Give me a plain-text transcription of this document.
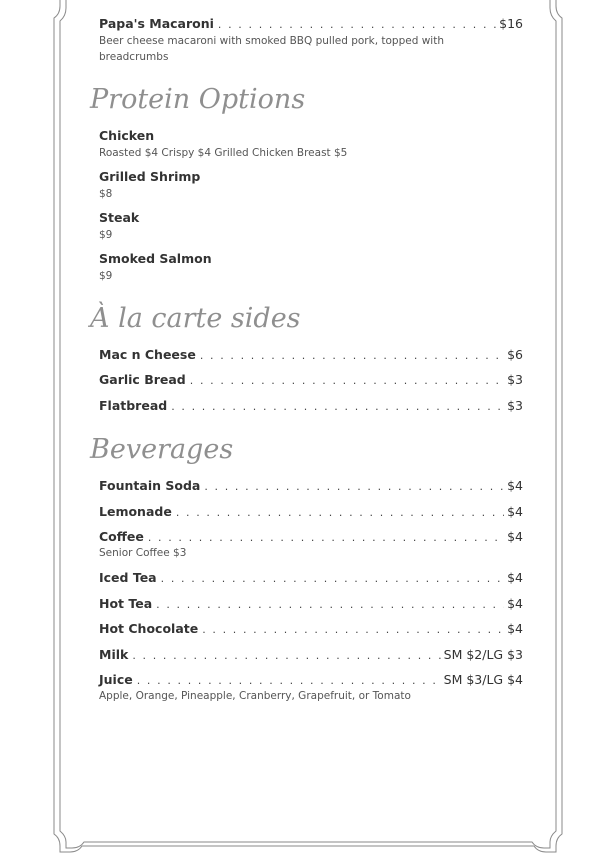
Papa's Macaroni . . .	$16

Beer cheese macaroni with smoked BBQ pulled pork, topped with breadcrumbs

Protein Options

Chicken

Roasted $4 Crispy $4 Grilled Chicken Breast $5

Grilled Shrimp

$8

Steak

$9

Smoked Salmon

$9

À la carte sides
Mac n Cheese . . .	$6
Garlic Bread . . .	$3
Flatbread . . .	$3
Beverages
Fountain Soda . . .	$4
Lemonade . . .	$4
Coffee . . .	$4

Senior Coffee $3

Iced Tea . . .	$4
Hot Tea . . .	$4
Hot Chocolate . . .	$4
Milk . . .	SM $2/LG $3
Juice . . .	SM $3/LG $4

Apple, Orange, Pineapple, Cranberry, Grapefruit, or Tomato
